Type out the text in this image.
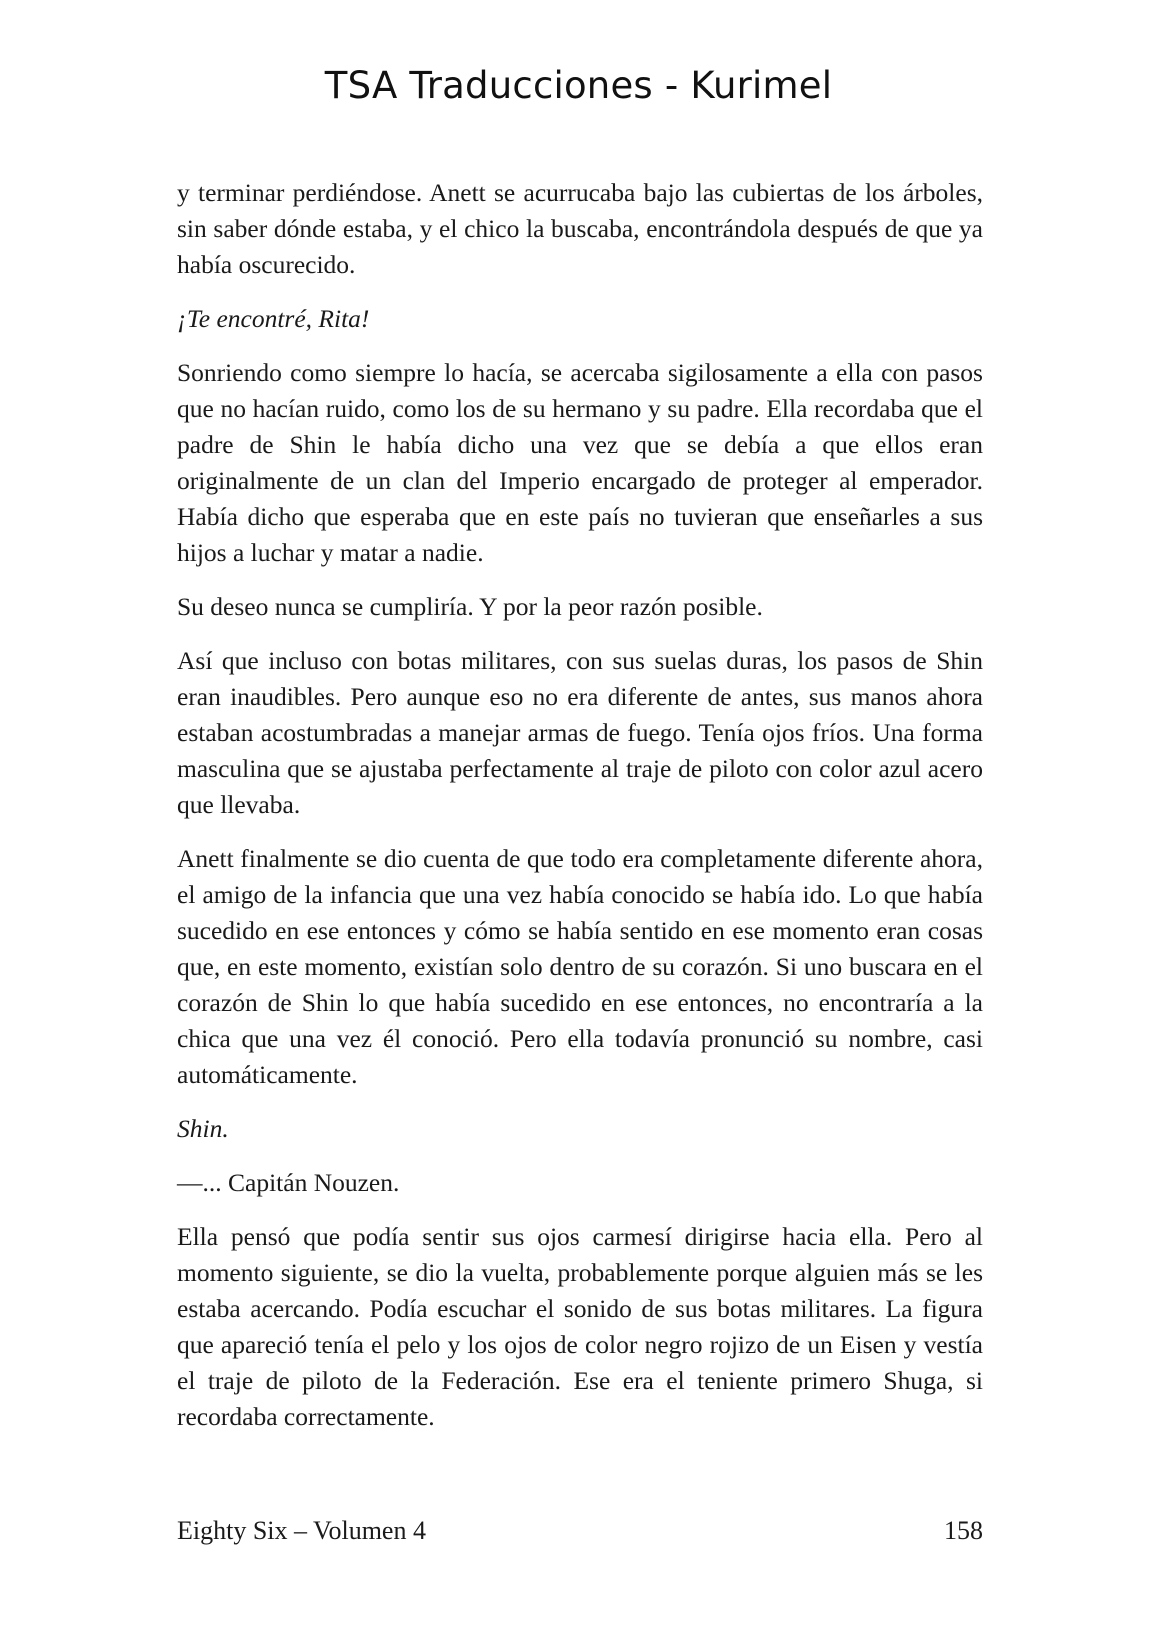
TSA Traducciones - Kurimel

y terminar perdiéndose. Anett se acurrucaba bajo las cubiertas de los árboles, sin saber dónde estaba, y el chico la buscaba, encontrándola después de que ya había oscurecido.

¡Te encontré, Rita!

Sonriendo como siempre lo hacía, se acercaba sigilosamente a ella con pasos que no hacían ruido, como los de su hermano y su padre. Ella recordaba que el padre de Shin le había dicho una vez que se debía a que ellos eran originalmente de un clan del Imperio encargado de proteger al emperador. Había dicho que esperaba que en este país no tuvieran que enseñarles a sus hijos a luchar y matar a nadie.

Su deseo nunca se cumpliría. Y por la peor razón posible.

Así que incluso con botas militares, con sus suelas duras, los pasos de Shin eran inaudibles. Pero aunque eso no era diferente de antes, sus manos ahora estaban acostumbradas a manejar armas de fuego. Tenía ojos fríos. Una forma masculina que se ajustaba perfectamente al traje de piloto con color azul acero que llevaba.

Anett finalmente se dio cuenta de que todo era completamente diferente ahora, el amigo de la infancia que una vez había conocido se había ido. Lo que había sucedido en ese entonces y cómo se había sentido en ese momento eran cosas que, en este momento, existían solo dentro de su corazón. Si uno buscara en el corazón de Shin lo que había sucedido en ese entonces, no encontraría a la chica que una vez él conoció. Pero ella todavía pronunció su nombre, casi automáticamente.

Shin.

—... Capitán Nouzen.

Ella pensó que podía sentir sus ojos carmesí dirigirse hacia ella. Pero al momento siguiente, se dio la vuelta, probablemente porque alguien más se les estaba acercando. Podía escuchar el sonido de sus botas militares. La figura que apareció tenía el pelo y los ojos de color negro rojizo de un Eisen y vestía el traje de piloto de la Federación. Ese era el teniente primero Shuga, si recordaba correctamente.

Eighty Six – Volumen 4	158
